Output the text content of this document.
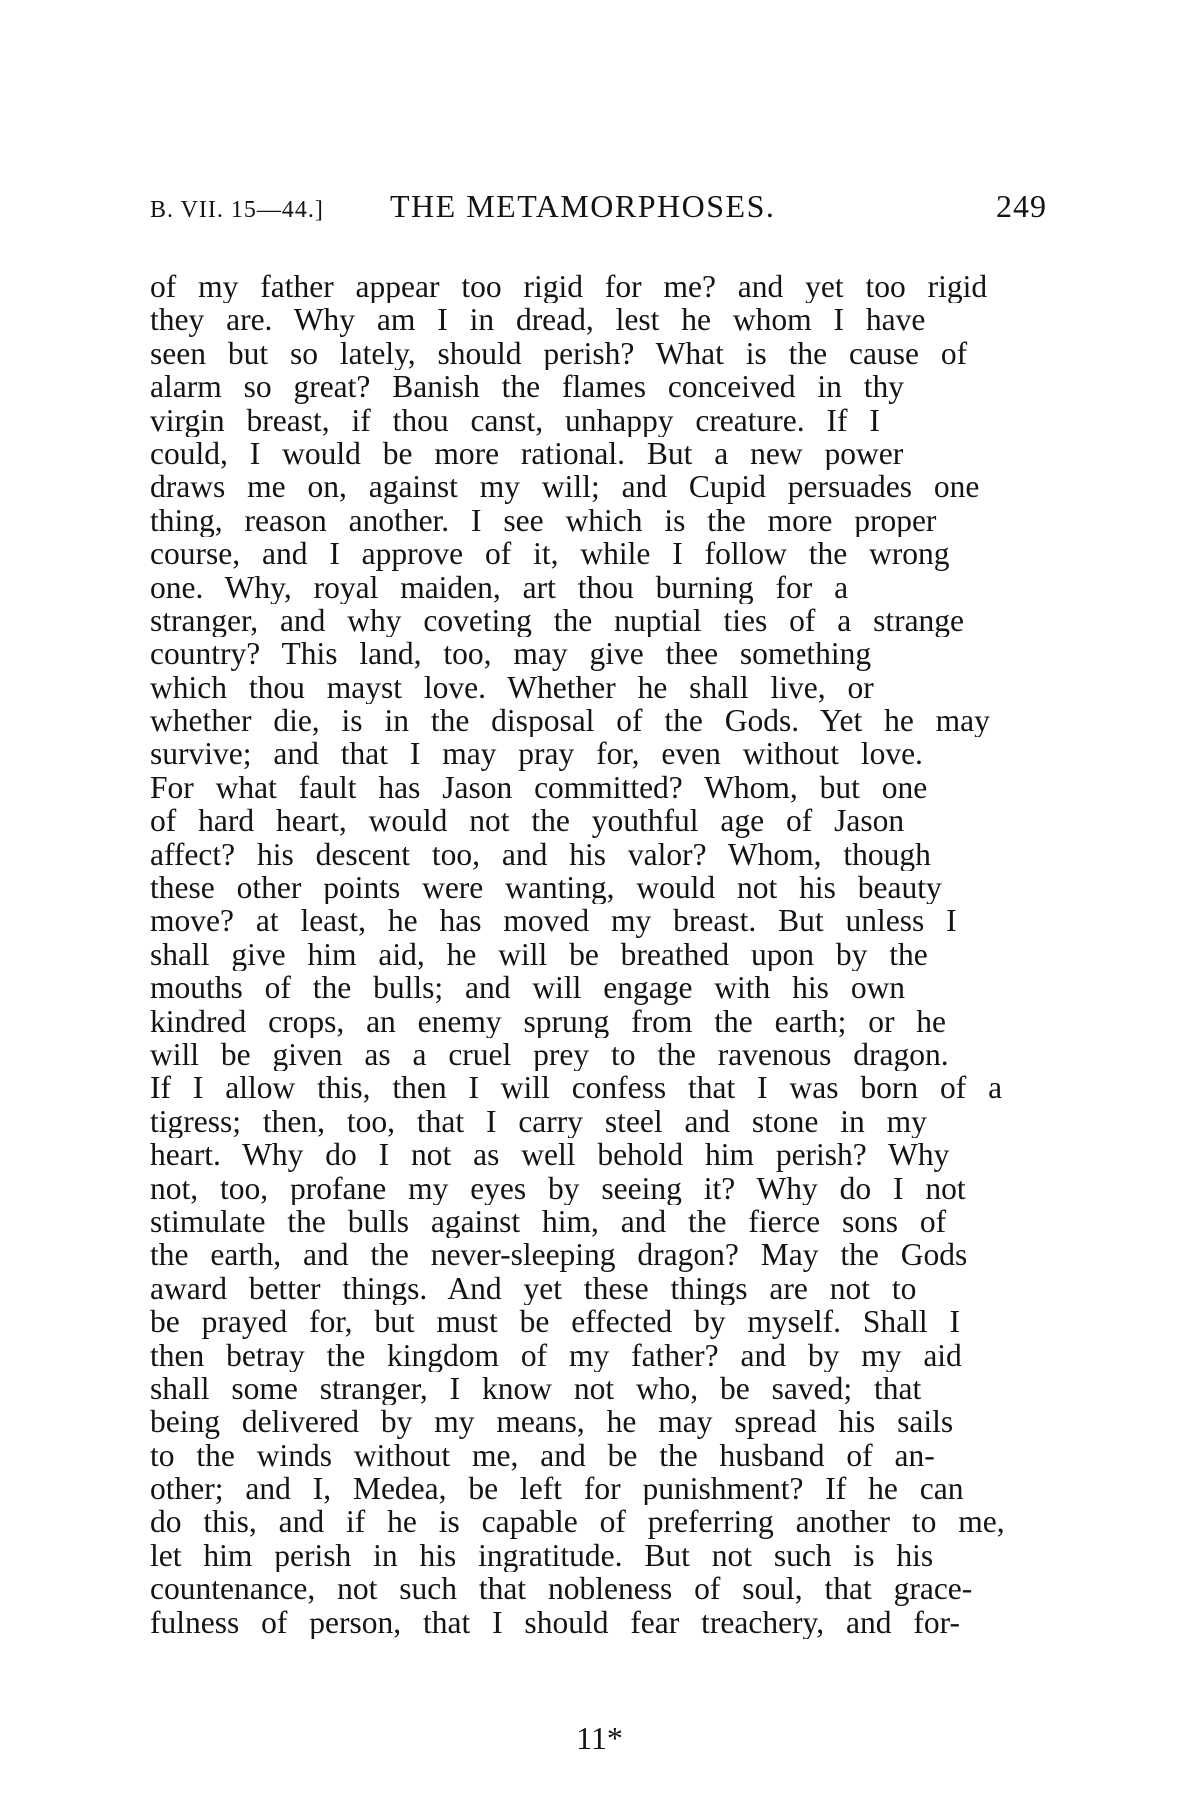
B. VII. 15—44.] THE METAMORPHOSES.	249
of my father appear too rigid for me? and yet too rigid
they are. Why am I in dread, lest he whom I have
seen but so lately, should perish? What is the cause of
alarm so great? Banish the flames conceived in thy
virgin breast, if thou canst, unhappy creature. If I
could, I would be more rational. But a new power
draws me on, against my will; and Cupid persuades one
thing, reason another. I see which is the more proper
course, and I approve of it, while I follow the wrong
one. Why, royal maiden, art thou burning for a
stranger, and why coveting the nuptial ties of a strange
country? This land, too, may give thee something
which thou mayst love. Whether he shall live, or
whether die, is in the disposal of the Gods. Yet he may
survive; and that I may pray for, even without love.
For what fault has Jason committed? Whom, but one
of hard heart, would not the youthful age of Jason
affect? his descent too, and his valor? Whom, though
these other points were wanting, would not his beauty
move? at least, he has moved my breast. But unless I
shall give him aid, he will be breathed upon by the
mouths of the bulls; and will engage with his own
kindred crops, an enemy sprung from the earth; or he
will be given as a cruel prey to the ravenous dragon.
If I allow this, then I will confess that I was born of a
tigress; then, too, that I carry steel and stone in my
heart. Why do I not as well behold him perish? Why
not, too, profane my eyes by seeing it? Why do I not
stimulate the bulls against him, and the fierce sons of
the earth, and the never-sleeping dragon? May the Gods
award better things. And yet these things are not to
be prayed for, but must be effected by myself. Shall I
then betray the kingdom of my father? and by my aid
shall some stranger, I know not who, be saved; that
being delivered by my means, he may spread his sails
to the winds without me, and be the husband of an-
other; and I, Medea, be left for punishment? If he can
do this, and if he is capable of preferring another to me,
let him perish in his ingratitude. But not such is his
countenance, not such that nobleness of soul, that grace-
fulness of person, that I should fear treachery, and for-
11*
